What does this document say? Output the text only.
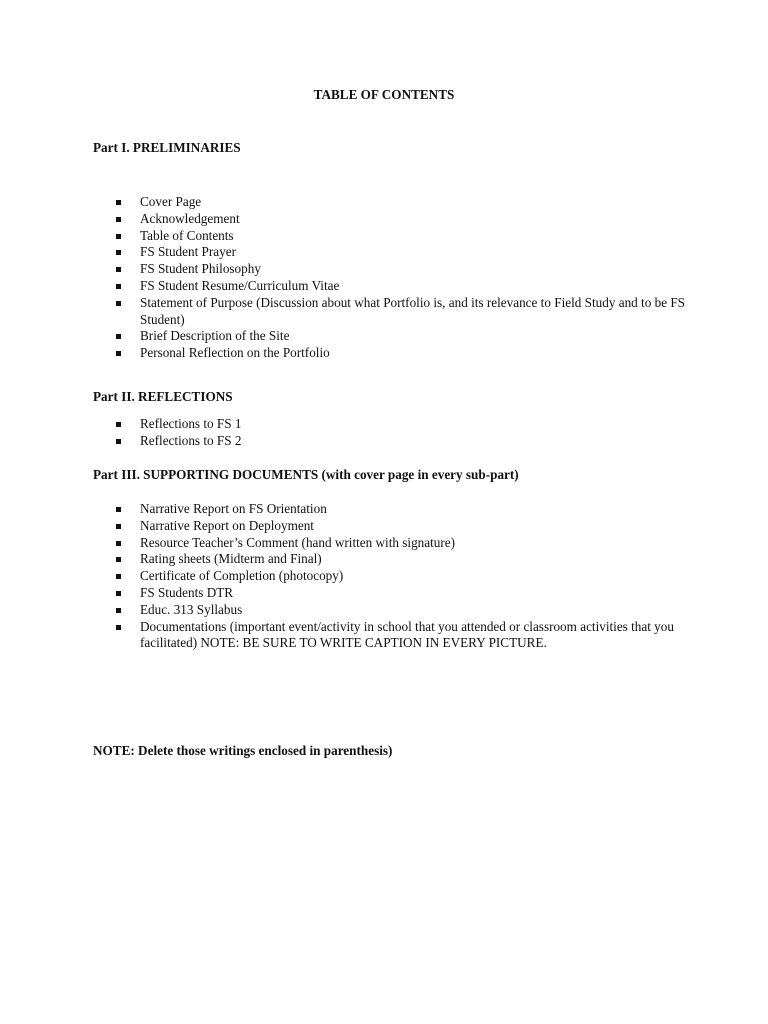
TABLE OF CONTENTS
Part I. PRELIMINARIES
Cover Page
Acknowledgement
Table of Contents
FS Student Prayer
FS Student Philosophy
FS Student Resume/Curriculum Vitae
Statement of Purpose (Discussion about what Portfolio is, and its relevance to Field Study and to be FS Student)
Brief Description of the Site
Personal Reflection on the Portfolio
Part II. REFLECTIONS
Reflections to FS 1
Reflections to FS 2
Part III. SUPPORTING DOCUMENTS (with cover page in every sub-part)
Narrative Report on FS Orientation
Narrative Report on Deployment
Resource Teacher’s Comment (hand written with signature)
Rating sheets (Midterm and Final)
Certificate of Completion (photocopy)
FS Students DTR
Educ. 313 Syllabus
Documentations (important event/activity in school that you attended or classroom activities that you facilitated) NOTE: BE SURE TO WRITE CAPTION IN EVERY PICTURE.
NOTE: Delete those writings enclosed in parenthesis)
